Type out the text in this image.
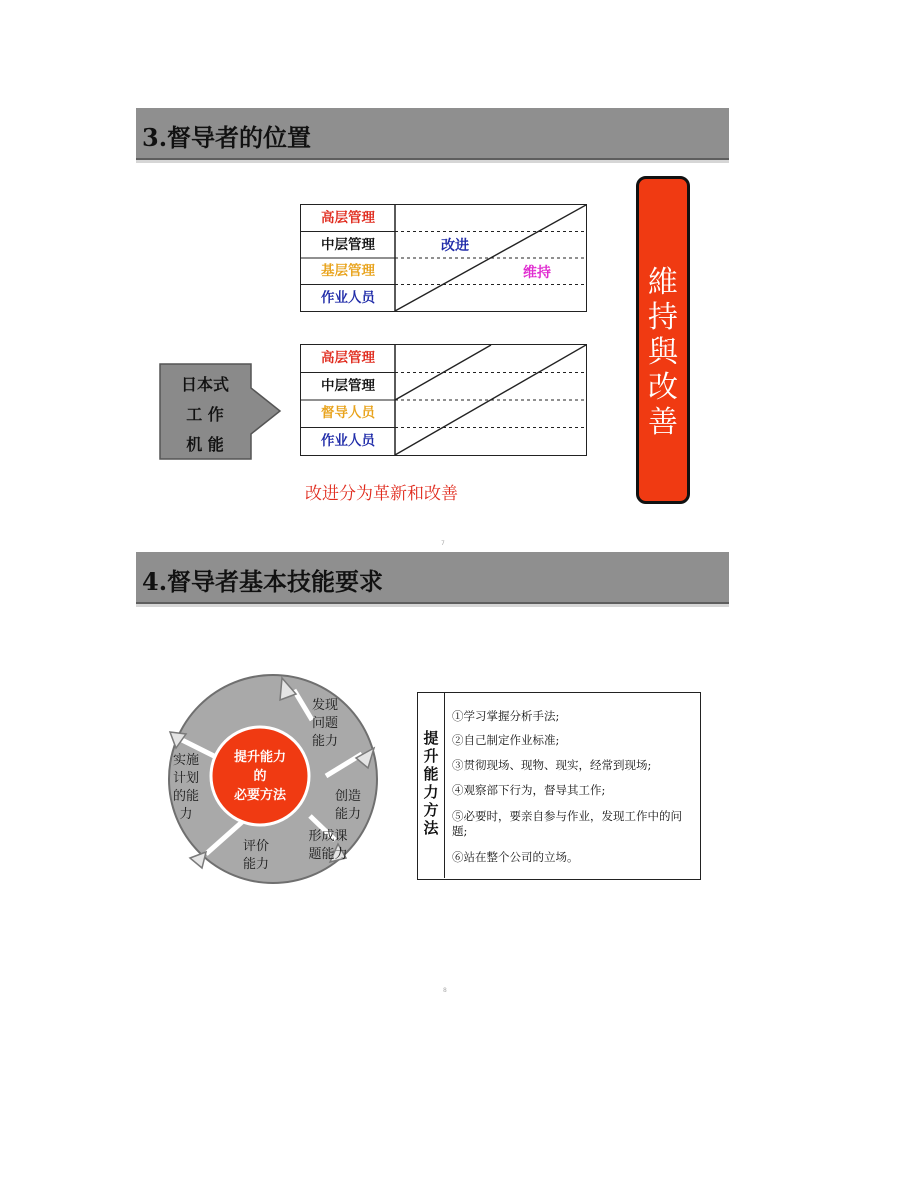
3.督导者的位置
高层管理
中层管理
基层管理
作业人员
改进
维持
高层管理
中层管理
督导人员
作业人员
日本式
工 作
机 能
改进分为革新和改善
維
持
與
改
善
7
4.督导者基本技能要求
提升能力
的
必要方法
发现
问题
能力
创造
能力
形成课
题能力
评价
能力
实施
计划
的能
力
提
升
能
力
方
法
①学习掌握分析手法;
②自己制定作业标准;
③贯彻现场、现物、现实，经常到现场;
④观察部下行为，督导其工作;
⑤必要时，要亲自参与作业，发现工作中的问题;
⑥站在整个公司的立场。
8
